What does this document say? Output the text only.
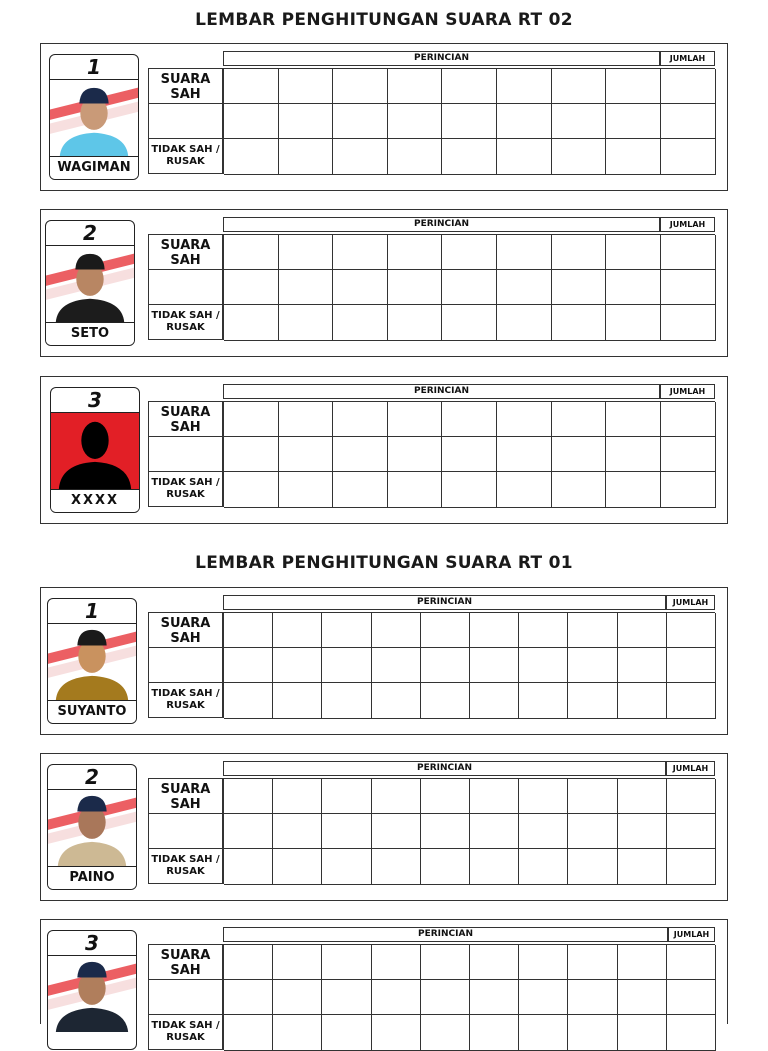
LEMBAR PENGHITUNGAN SUARA RT 02
1
WAGIMAN
SUARA SAH
TIDAK SAH / RUSAK
PERINCIAN	JUMLAH
2
SETO
SUARA SAH
TIDAK SAH / RUSAK
PERINCIAN	JUMLAH
3
XXXX
SUARA SAH
TIDAK SAH / RUSAK
PERINCIAN	JUMLAH
LEMBAR PENGHITUNGAN SUARA RT 01
1
SUYANTO
SUARA SAH
TIDAK SAH / RUSAK
PERINCIAN	JUMLAH
2
PAINO
SUARA SAH
TIDAK SAH / RUSAK
PERINCIAN	JUMLAH
3
SUARA SAH
TIDAK SAH / RUSAK
PERINCIAN	JUMLAH
